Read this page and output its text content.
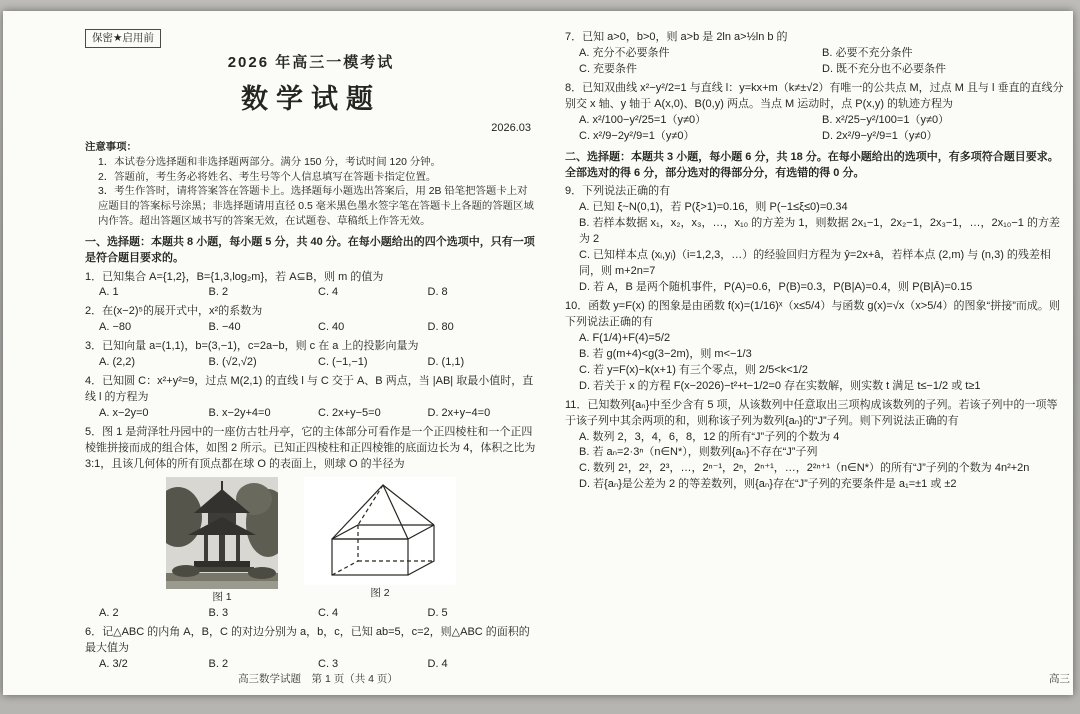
保密★启用前
2026 年高三一模考试
数学试题
2026.03
注意事项：
1．本试卷分选择题和非选择题两部分。满分 150 分，考试时间 120 分钟。
2．答题前，考生务必将姓名、考生号等个人信息填写在答题卡指定位置。
3．考生作答时，请将答案答在答题卡上。选择题每小题选出答案后，用 2B 铅笔把答题卡上对应题目的答案标号涂黑；非选择题请用直径 0.5 毫米黑色墨水签字笔在答题卡上各题的答题区域内作答。超出答题区域书写的答案无效，在试题卷、草稿纸上作答无效。
一、选择题：本题共 8 小题，每小题 5 分，共 40 分。在每小题给出的四个选项中，只有一项是符合题目要求的。
1．已知集合 A={1,2}，B={1,3,log₂m}，若 A⊆B，则 m 的值为
A. 1	B. 2	C. 4	D. 8
2．在(x−2)⁵的展开式中，x²的系数为
A. −80	B. −40	C. 40	D. 80
3．已知向量 a=(1,1)，b=(3,−1)，c=2a−b，则 c 在 a 上的投影向量为
A. (2,2)	B. (√2,√2)	C. (−1,−1)	D. (1,1)
4．已知圆 C：x²+y²=9，过点 M(2,1) 的直线 l 与 C 交于 A、B 两点，当 |AB| 取最小值时，直线 l 的方程为
A. x−2y=0	B. x−2y+4=0	C. 2x+y−5=0	D. 2x+y−4=0
5．图 1 是菏泽牡丹园中的一座仿古牡丹亭，它的主体部分可看作是一个正四棱柱和一个正四棱锥拼接而成的组合体，如图 2 所示。已知正四棱柱和正四棱锥的底面边长为 4，体积之比为 3:1，且该几何体的所有顶点都在球 O 的表面上，则球 O 的半径为
图 1	图 2
A. 2	B. 3	C. 4	D. 5
6．记△ABC 的内角 A，B，C 的对边分别为 a，b，c，已知 ab=5，c=2，则△ABC 的面积的最大值为
A. 3/2	B. 2	C. 3	D. 4
7．已知 a>0，b>0，则 a>b 是 2ln a>½ln b 的
A. 充分不必要条件	B. 必要不充分条件
C. 充要条件	D. 既不充分也不必要条件
8．已知双曲线 x²−y²/2=1 与直线 l：y=kx+m（k≠±√2）有唯一的公共点 M，过点 M 且与 l 垂直的直线分别交 x 轴、y 轴于 A(x,0)、B(0,y) 两点。当点 M 运动时，点 P(x,y) 的轨迹方程为
A. x²/100−y²/25=1（y≠0）	B. x²/25−y²/100=1（y≠0）
C. x²/9−2y²/9=1（y≠0）	D. 2x²/9−y²/9=1（y≠0）
二、选择题：本题共 3 小题，每小题 6 分，共 18 分。在每小题给出的选项中，有多项符合题目要求。全部选对的得 6 分，部分选对的得部分分，有选错的得 0 分。
9．下列说法正确的有
A. 已知 ξ~N(0,1)，若 P(ξ>1)=0.16，则 P(−1≤ξ≤0)=0.34
B. 若样本数据 x₁，x₂，x₃，…，x₁₀ 的方差为 1，则数据 2x₁−1，2x₂−1，2x₃−1，…，2x₁₀−1 的方差为 2
C. 已知样本点 (xᵢ,yᵢ)（i=1,2,3，…）的经验回归方程为 ŷ=2x+â，若样本点 (2,m) 与 (n,3) 的残差相同，则 m+2n=7
D. 若 A，B 是两个随机事件，P(A)=0.6，P(B)=0.3，P(B|A)=0.4，则 P(B|Ā)=0.15
10．函数 y=F(x) 的图象是由函数 f(x)=(1/16)ˣ（x≤5/4）与函数 g(x)=√x（x>5/4）的图象“拼接”而成。则下列说法正确的有
A. F(1/4)+F(4)=5/2
B. 若 g(m+4)<g(3−2m)，则 m<−1/3
C. 若 y=F(x)−k(x+1) 有三个零点，则 2/5<k<1/2
D. 若关于 x 的方程 F(x−2026)−t²+t−1/2=0 存在实数解，则实数 t 满足 t≤−1/2 或 t≥1
11．已知数列{aₙ}中至少含有 5 项，从该数列中任意取出三项构成该数列的子列。若该子列中的一项等于该子列中其余两项的和，则称该子列为数列{aₙ}的“J”子列。则下列说法正确的有
A. 数列 2，3，4，6，8，12 的所有“J”子列的个数为 4
B. 若 aₙ=2·3ⁿ（n∈N*），则数列{aₙ}不存在“J”子列
C. 数列 2¹，2²，2³，…，2ⁿ⁻¹，2ⁿ，2ⁿ⁺¹，…，2²ⁿ⁺¹（n∈N*）的所有“J”子列的个数为 4n²+2n
D. 若{aₙ}是公差为 2 的等差数列，则{aₙ}存在“J”子列的充要条件是 a₁=±1 或 ±2
高三数学试题　第 1 页（共 4 页）	高三
